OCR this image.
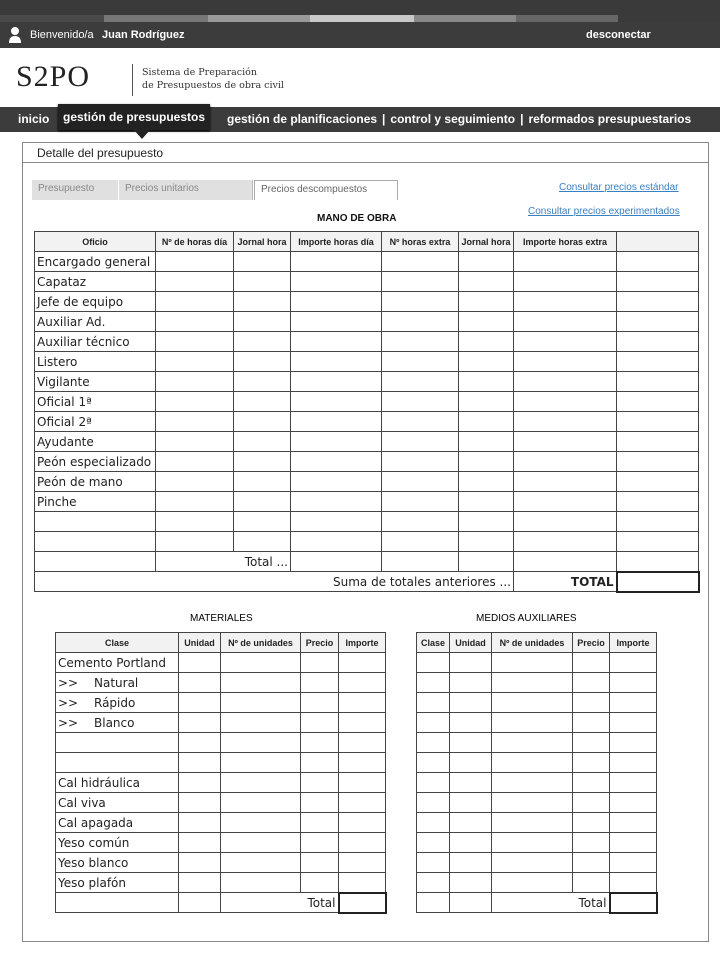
Bienvenido/a Juan Rodríguez	desconectar
S2PO	Sistema de Preparación
de Presupuestos de obra civil
inicio	gestión de planificaciones | control y seguimiento | reformados presupuestarios
gestión de presupuestos
Detalle del presupuesto
Presupuesto	Precios unitarios	Precios descompuestos	Consultar precios estándar
Consultar precios experimentados
MANO DE OBRA
Oficio	Nº de horas día	Jornal hora	Importe horas día	Nº horas extra	Jornal hora	Importe horas extra	
Encargado general							
Capataz							
Jefe de equipo							
Auxiliar Ad.							
Auxiliar técnico							
Listero							
Vigilante							
Oficial 1ª							
Oficial 2ª							
Ayudante							
Peón especializado							
Peón de mano							
Pinche							

	Total ...						
Suma de totales anteriores ...						TOTAL	
MATERIALES
Clase	Unidad	Nº de unidades	Precio	Importe
Cemento Portland				
>> Natural				
>> Rápido				
>> Blanco				

Cal hidráulica				
Cal viva				
Cal apagada				
Yeso común				
Yeso blanco				
Yeso plafón				
		Total		
MEDIOS AUXILIARES
Clase	Unidad	Nº de unidades	Precio	Importe

		Total		
